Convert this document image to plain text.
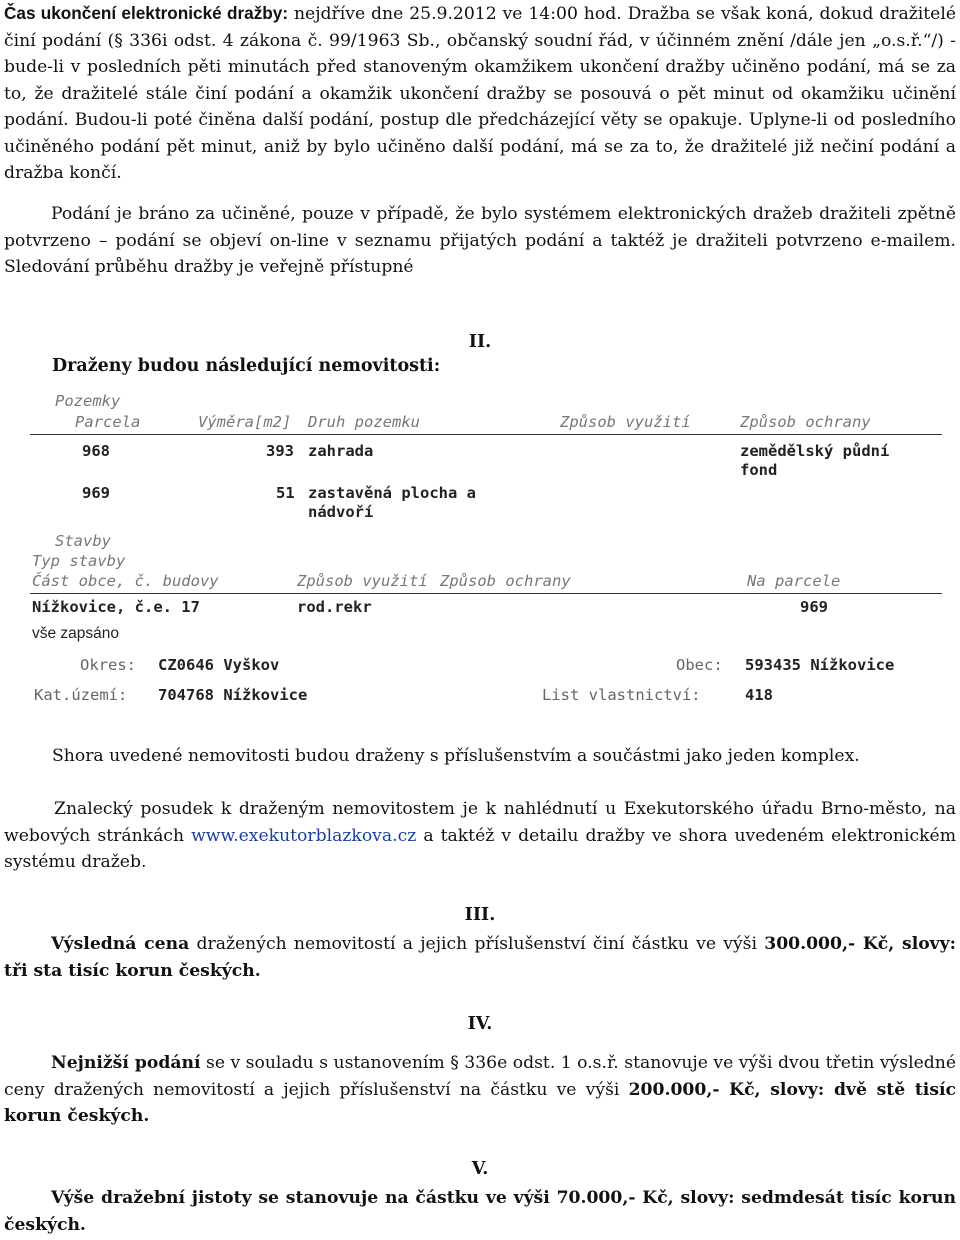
Čas ukončení elektronické dražby: nejdříve dne 25.9.2012 ve 14:00 hod. Dražba se však koná, dokud dražitelé činí podání (§ 336i odst. 4 zákona č. 99/1963 Sb., občanský soudní řád, v účinném znění /dále jen „o.s.ř.“/) - bude-li v posledních pěti minutách před stanoveným okamžikem ukončení dražby učiněno podání, má se za to, že dražitelé stále činí podání a okamžik ukončení dražby se posouvá o pět minut od okamžiku učinění podání. Budou-li poté činěna další podání, postup dle předcházející věty se opakuje. Uplyne-li od posledního učiněného podání pět minut, aniž by bylo učiněno další podání, má se za to, že dražitelé již nečiní podání a dražba končí.

Podání je bráno za učiněné, pouze v případě, že bylo systémem elektronických dražeb dražiteli zpětně potvrzeno – podání se objeví on-line v seznamu přijatých podání a taktéž je dražiteli potvrzeno e-mailem. Sledování průběhu dražby je veřejně přístupné

II.
Draženy budou následující nemovitosti:
Pozemky
Parcela	Výměra[m2] Druh pozemku	Způsob využití	Způsob ochrany
968	393 zahrada	zemědělský půdní
fond
969	51 zastavěná plocha a
nádvoří
Stavby
Typ stavby
Část obce, č. budovy	Způsob využití Způsob ochrany	Na parcele
Nížkovice, č.e. 17	rod.rekr	969
vše zapsáno
Okres: CZ0646 Vyškov	Obec: 593435 Nížkovice
Kat.území: 704768 Nížkovice	List vlastnictví:	418

Shora uvedené nemovitosti budou draženy s příslušenstvím a součástmi jako jeden komplex.

Znalecký posudek k draženým nemovitostem je k nahlédnutí u Exekutorského úřadu Brno-město, na webových stránkách www.exekutorblazkova.cz a taktéž v detailu dražby ve shora uvedeném elektronickém systému dražeb.

III.

Výsledná cena dražených nemovitostí a jejich příslušenství činí částku ve výši 300.000,- Kč, slovy: tři sta tisíc korun českých.

IV.

Nejnižší podání se v souladu s ustanovením § 336e odst. 1 o.s.ř. stanovuje ve výši dvou třetin výsledné ceny dražených nemovitostí a jejich příslušenství na částku ve výši 200.000,- Kč, slovy: dvě stě tisíc korun českých.

V.

Výše dražební jistoty se stanovuje na částku ve výši 70.000,- Kč, slovy: sedmdesát tisíc korun českých.
